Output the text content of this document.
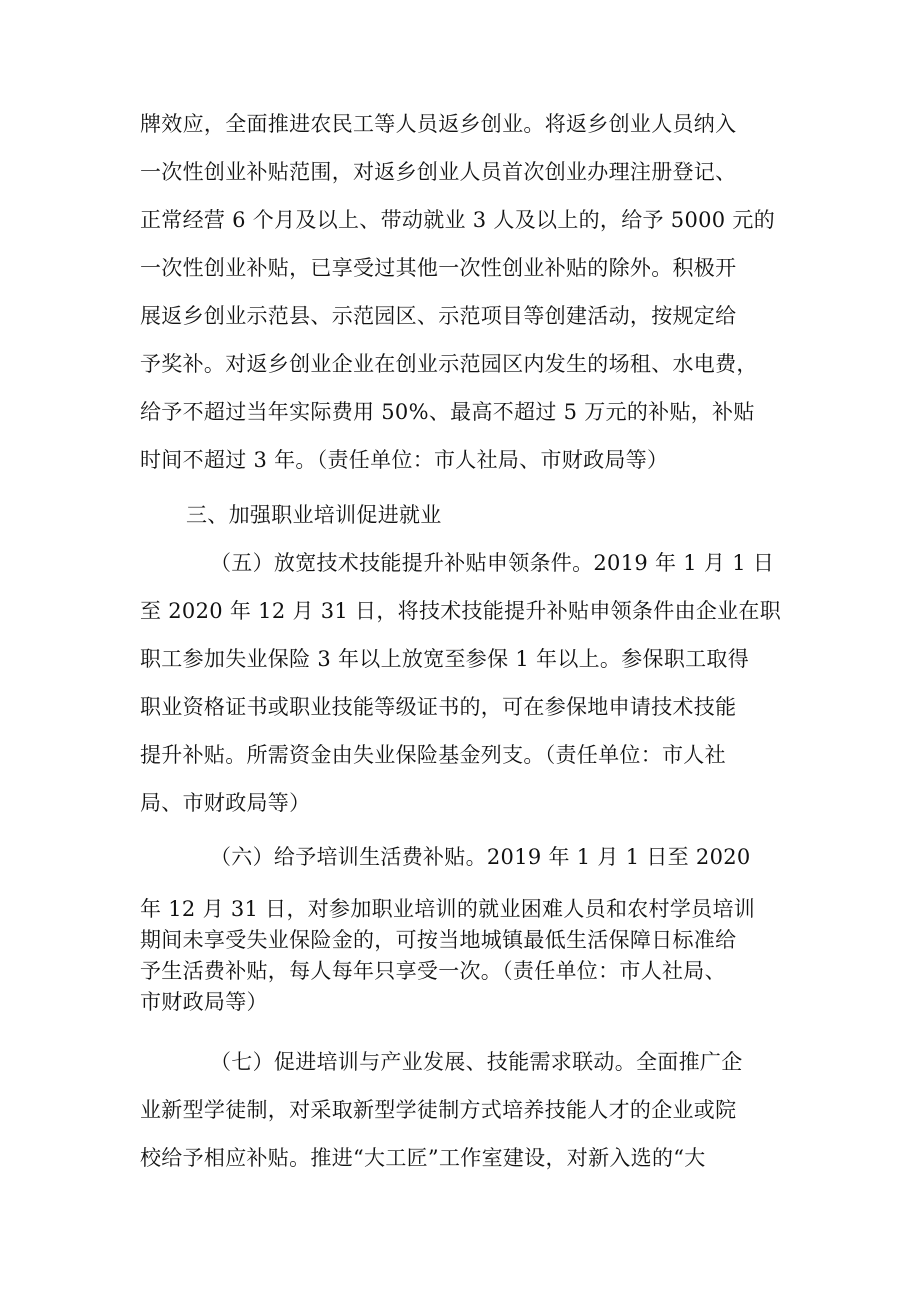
牌效应，全面推进农民工等人员返乡创业。将返乡创业人员纳入
一次性创业补贴范围，对返乡创业人员首次创业办理注册登记、
正常经营 6 个月及以上、带动就业 3 人及以上的，给予 5000 元的
一次性创业补贴，已享受过其他一次性创业补贴的除外。积极开
展返乡创业示范县、示范园区、示范项目等创建活动，按规定给
予奖补。对返乡创业企业在创业示范园区内发生的场租、水电费，
给予不超过当年实际费用 50%、最高不超过 5 万元的补贴，补贴
时间不超过 3 年。（责任单位：市人社局、市财政局等）
三、加强职业培训促进就业
（五）放宽技术技能提升补贴申领条件。2019 年 1 月 1 日
至 2020 年 12 月 31 日，将技术技能提升补贴申领条件由企业在职
职工参加失业保险 3 年以上放宽至参保 1 年以上。参保职工取得
职业资格证书或职业技能等级证书的，可在参保地申请技术技能
提升补贴。所需资金由失业保险基金列支。（责任单位：市人社
局、市财政局等）
（六）给予培训生活费补贴。2019 年 1 月 1 日至 2020
年 12 月 31 日，对参加职业培训的就业困难人员和农村学员培训
期间未享受失业保险金的，可按当地城镇最低生活保障日标准给
予生活费补贴，每人每年只享受一次。（责任单位：市人社局、
市财政局等）
（七）促进培训与产业发展、技能需求联动。全面推广企
业新型学徒制，对采取新型学徒制方式培养技能人才的企业或院
校给予相应补贴。推进“大工匠”工作室建设，对新入选的“大
